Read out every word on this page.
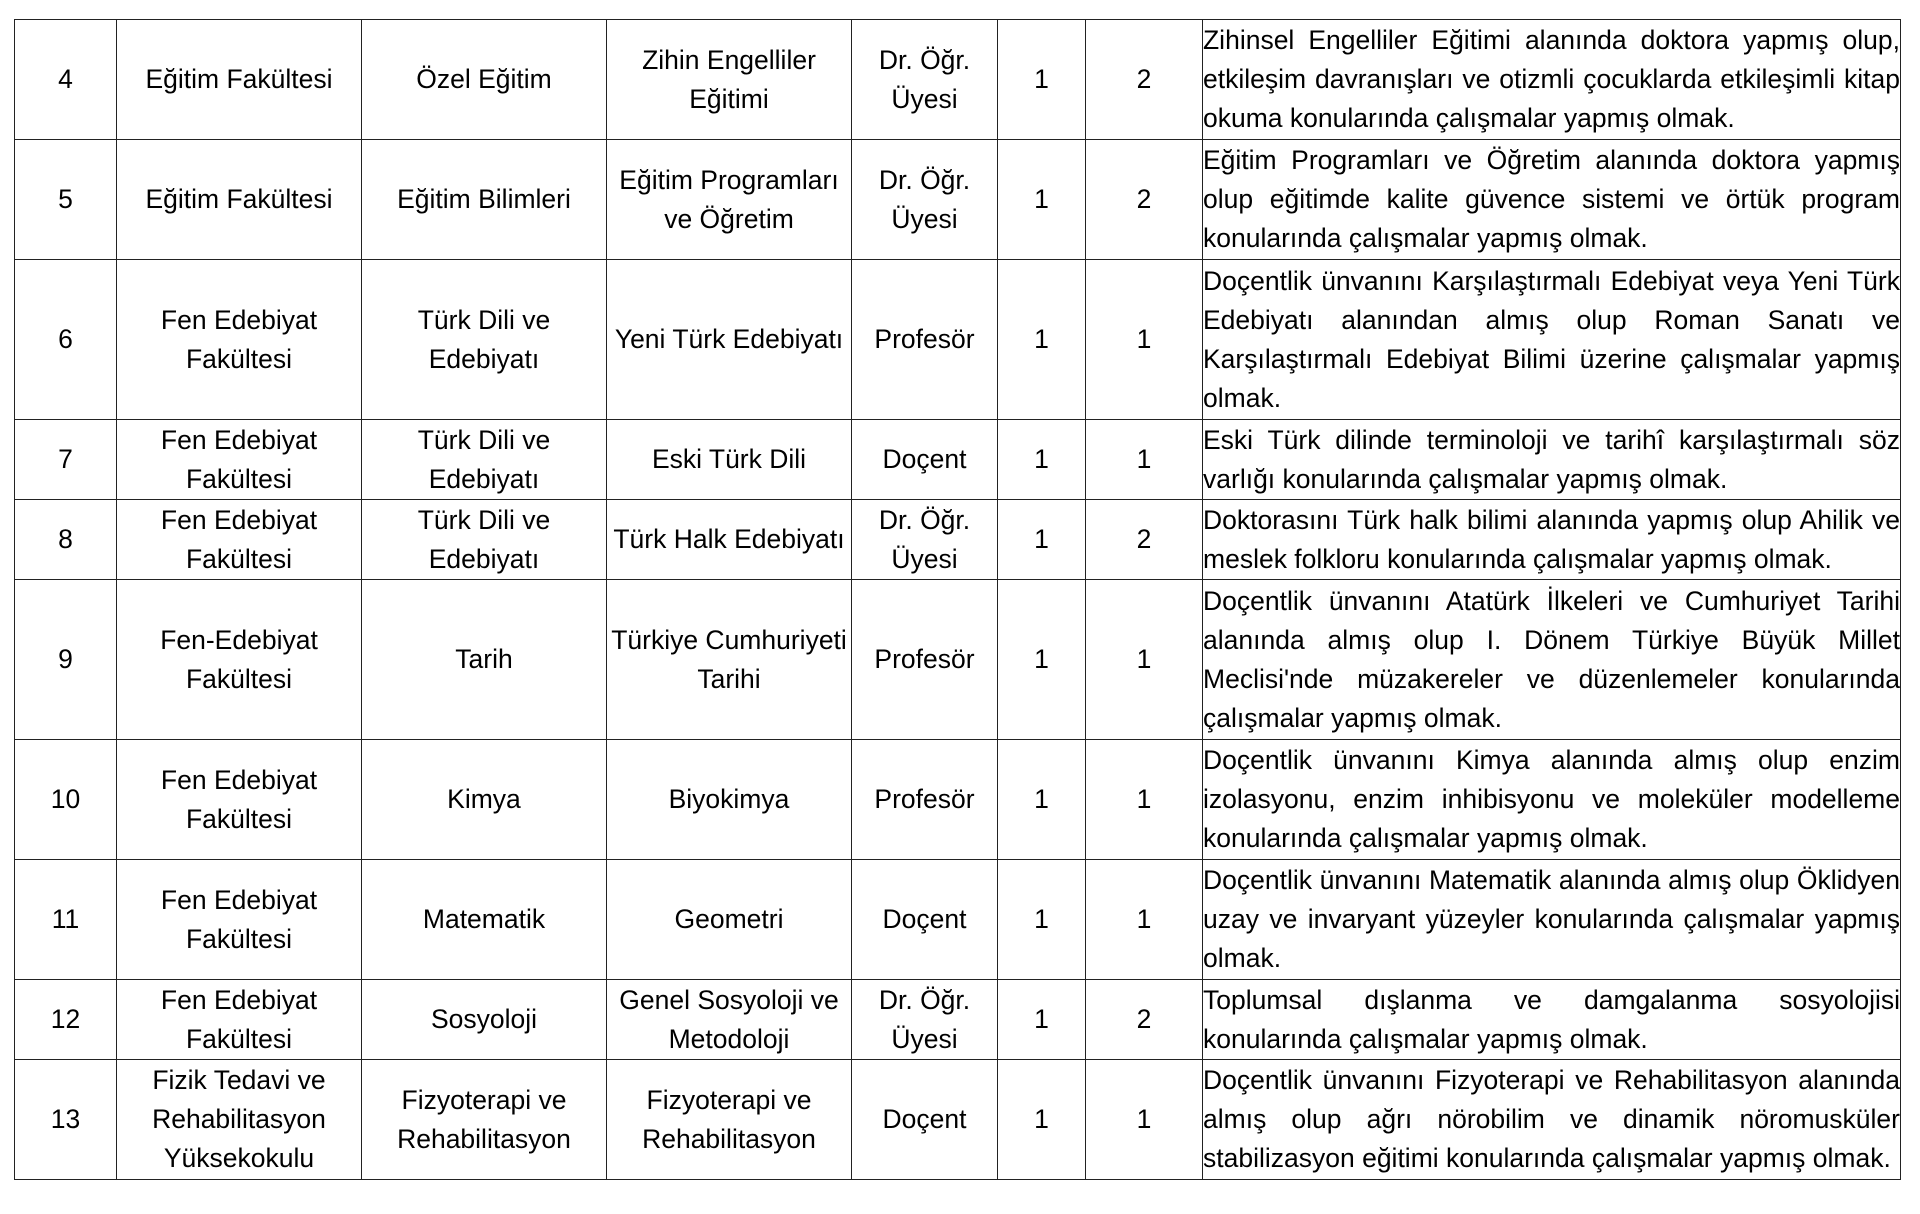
4	Eğitim Fakültesi	Özel Eğitim	Zihin Engelliler Eğitimi	Dr. Öğr. Üyesi	1	2	Zihinsel Engelliler Eğitimi alanında doktora yapmış olup, etkileşim davranışları ve otizmli çocuklarda etkileşimli kitap okuma konularında çalışmalar yapmış olmak.

5	Eğitim Fakültesi	Eğitim Bilimleri	Eğitim Programları ve Öğretim	Dr. Öğr. Üyesi	1	2	Eğitim Programları ve Öğretim alanında doktora yapmış olup eğitimde kalite güvence sistemi ve örtük program konularında çalışmalar yapmış olmak.

6	Fen Edebiyat Fakültesi	Türk Dili ve Edebiyatı	Yeni Türk Edebiyatı	Profesör	1	1	Doçentlik ünvanını Karşılaştırmalı Edebiyat veya Yeni Türk Edebiyatı alanından almış olup Roman Sanatı ve Karşılaştırmalı Edebiyat Bilimi üzerine çalışmalar yapmış olmak.

7	Fen Edebiyat Fakültesi	Türk Dili ve Edebiyatı	Eski Türk Dili	Doçent	1	1	Eski Türk dilinde terminoloji ve tarihî karşılaştırmalı söz varlığı konularında çalışmalar yapmış olmak.

8	Fen Edebiyat Fakültesi	Türk Dili ve Edebiyatı	Türk Halk Edebiyatı	Dr. Öğr. Üyesi	1	2	Doktorasını Türk halk bilimi alanında yapmış olup Ahilik ve meslek folkloru konularında çalışmalar yapmış olmak.

9	Fen-Edebiyat Fakültesi	Tarih	Türkiye Cumhuriyeti Tarihi	Profesör	1	1	Doçentlik ünvanını Atatürk İlkeleri ve Cumhuriyet Tarihi alanında almış olup I. Dönem Türkiye Büyük Millet Meclisi'nde müzakereler ve düzenlemeler konularında çalışmalar yapmış olmak.

10	Fen Edebiyat Fakültesi	Kimya	Biyokimya	Profesör	1	1	Doçentlik ünvanını Kimya alanında almış olup enzim izolasyonu, enzim inhibisyonu ve moleküler modelleme konularında çalışmalar yapmış olmak.

11	Fen Edebiyat Fakültesi	Matematik	Geometri	Doçent	1	1	Doçentlik ünvanını Matematik alanında almış olup Öklidyen uzay ve invaryant yüzeyler konularında çalışmalar yapmış olmak.

12	Fen Edebiyat Fakültesi	Sosyoloji	Genel Sosyoloji ve Metodoloji	Dr. Öğr. Üyesi	1	2	Toplumsal dışlanma ve damgalanma sosyolojisi konularında çalışmalar yapmış olmak.

13	Fizik Tedavi ve Rehabilitasyon Yüksekokulu	Fizyoterapi ve Rehabilitasyon	Fizyoterapi ve Rehabilitasyon	Doçent	1	1	Doçentlik ünvanını Fizyoterapi ve Rehabilitasyon alanında almış olup ağrı nörobilim ve dinamik nöromusküler stabilizasyon eğitimi konularında çalışmalar yapmış olmak.
